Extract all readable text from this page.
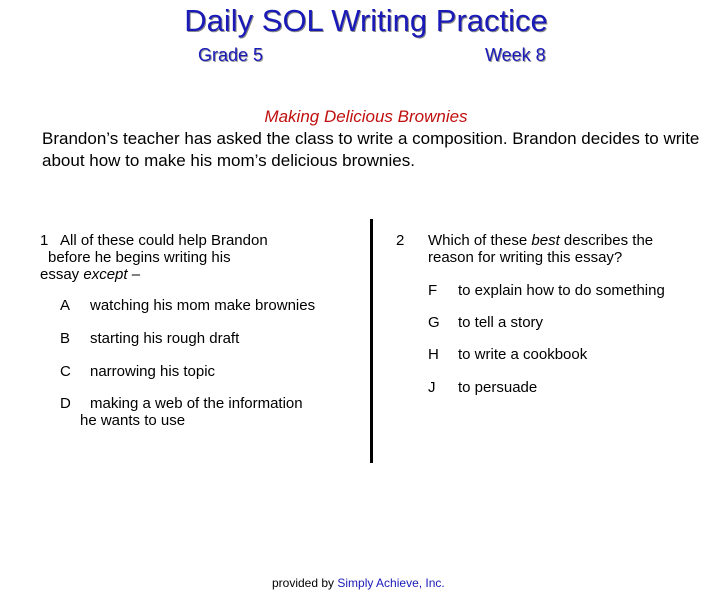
Daily SOL Writing Practice
Grade 5	Week 8
Making Delicious Brownies
Brandon’s teacher has asked the class to write a composition. Brandon decides to write about how to make his mom’s delicious brownies.
1 All of these could help Brandon
before he begins writing his
essay except –
A	watching his mom make brownies
B	starting his rough draft
C	narrowing his topic
D	making a web of the information
he wants to use
2 Which of these best describes the reason for writing this essay?
F	to explain how to do something
G	to tell a story
H	to write a cookbook
J	to persuade
provided by Simply Achieve, Inc.
